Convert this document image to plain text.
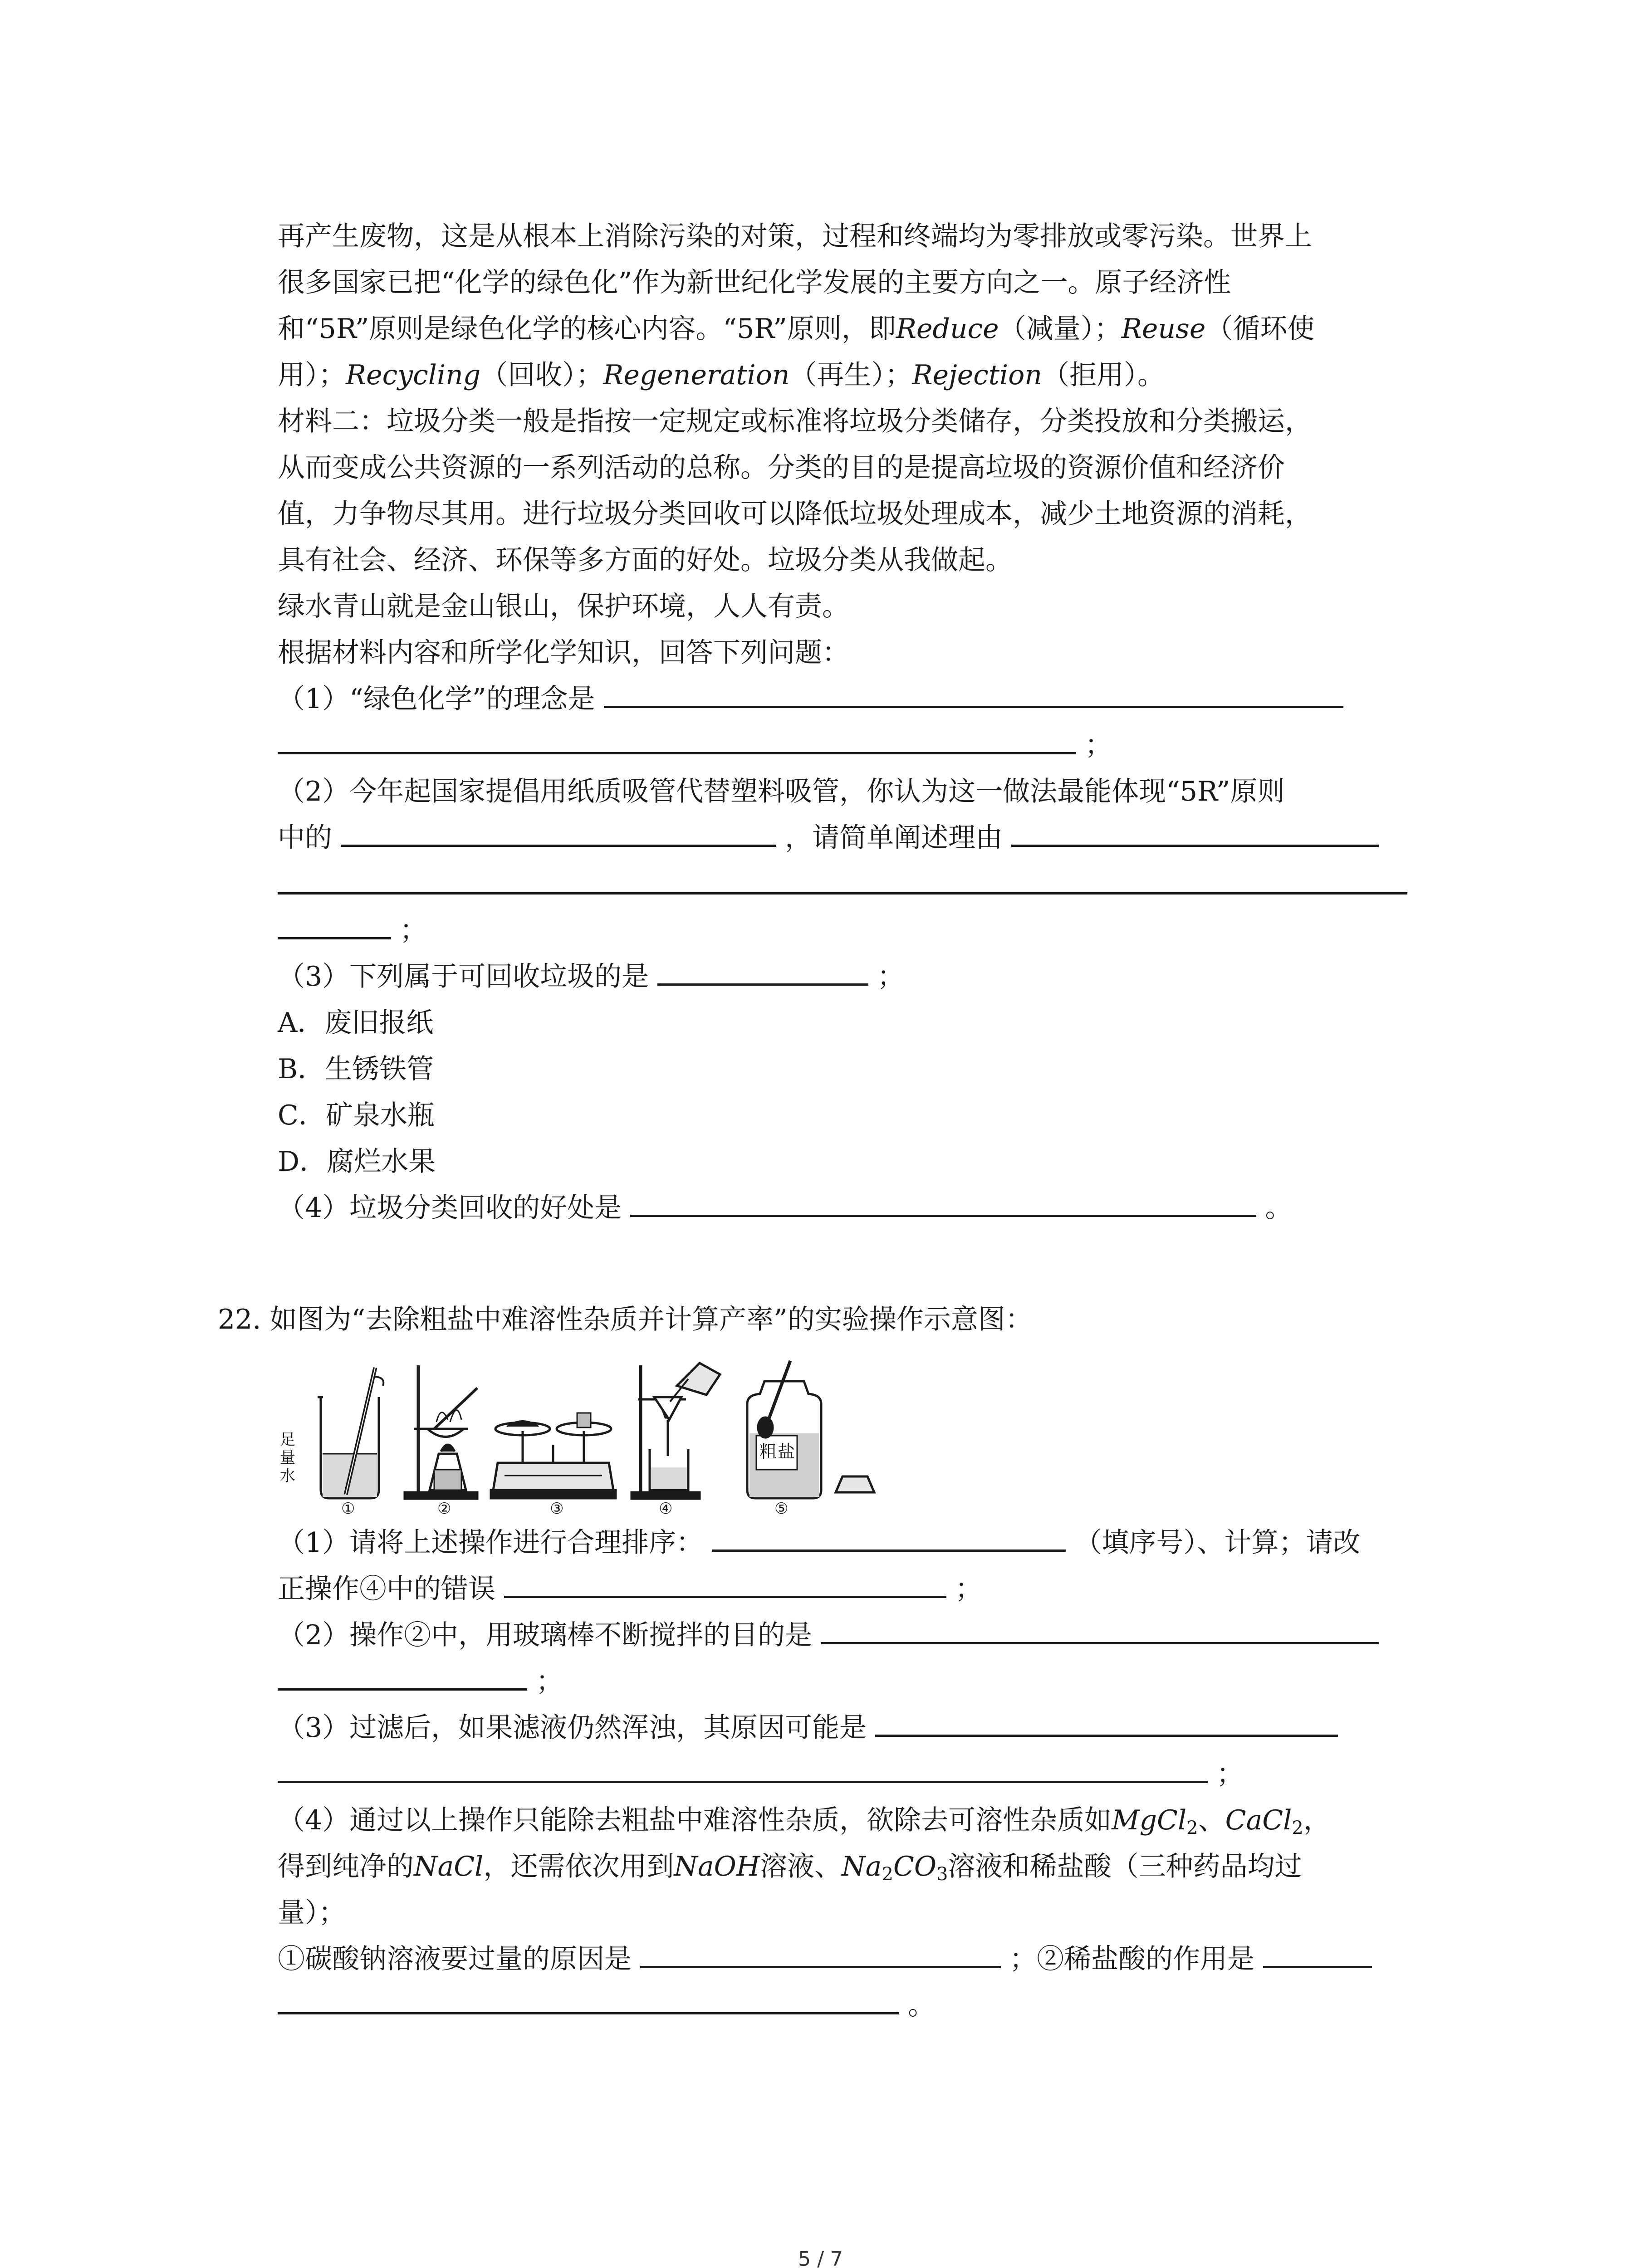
再产生废物，这是从根本上消除污染的对策，过程和终端均为零排放或零污染。世界上
很多国家已把“化学的绿色化”作为新世纪化学发展的主要方向之一。原子经济性
和“5R”原则是绿色化学的核心内容。“5R”原则，即Reduce（减量）；Reuse（循环使
用）；Recycling（回收）；Regeneration（再生）；Rejection（拒用）。
材料二：垃圾分类一般是指按一定规定或标准将垃圾分类储存，分类投放和分类搬运，
从而变成公共资源的一系列活动的总称。分类的目的是提高垃圾的资源价值和经济价
值，力争物尽其用。进行垃圾分类回收可以降低垃圾处理成本，减少土地资源的消耗，
具有社会、经济、环保等多方面的好处。垃圾分类从我做起。
绿水青山就是金山银山，保护环境，人人有责。
根据材料内容和所学化学知识，回答下列问题：
（1）“绿色化学”的理念是
；
（2）今年起国家提倡用纸质吸管代替塑料吸管，你认为这一做法最能体现“5R”原则
中的	，请简单阐述理由
；
（3）下列属于可回收垃圾的是	；
A．废旧报纸
B．生锈铁管
C．矿泉水瓶
D．腐烂水果
（4）垃圾分类回收的好处是	。
22. 如图为“去除粗盐中难溶性杂质并计算产率”的实验操作示意图：
足
量
水
①	②	③	④
粗 盐
⑤
（1）请将上述操作进行合理排序：	（填序号）、计算；请改
正操作④中的错误	；
（2）操作②中，用玻璃棒不断搅拌的目的是
；
（3）过滤后，如果滤液仍然浑浊，其原因可能是
；
（4）通过以上操作只能除去粗盐中难溶性杂质，欲除去可溶性杂质如MgCl$_2$、CaCl$_2$，
得到纯净的NaCl，还需依次用到NaOH溶液、$Na_2CO_3$溶液和稀盐酸（三种药品均过
量）；
①碳酸钠溶液要过量的原因是	；②稀盐酸的作用是
。
5 / 7
